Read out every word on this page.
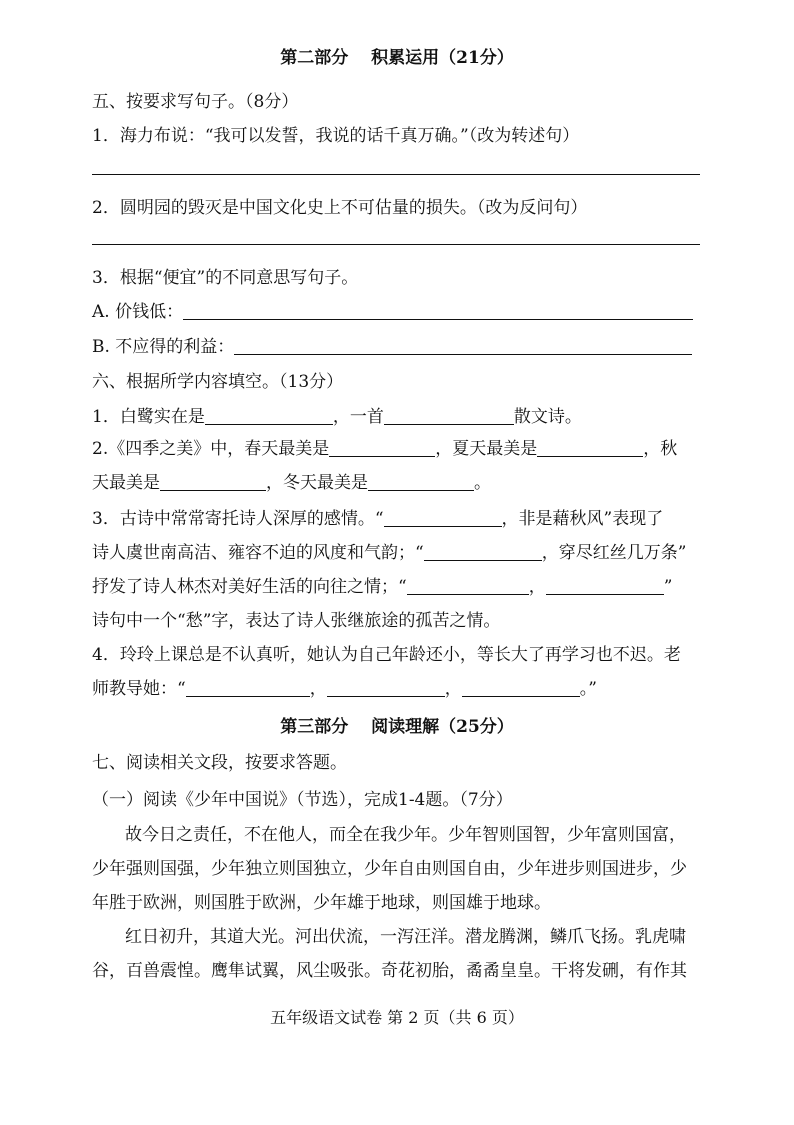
第二部分　 积累运用（21分）
五、按要求写句子。（8分）
1．海力布说：“我可以发誓，我说的话千真万确。”（改为转述句）
2．圆明园的毁灭是中国文化史上不可估量的损失。（改为反问句）
3．根据“便宜”的不同意思写句子。
A. 价钱低：
B. 不应得的利益：
六、根据所学内容填空。（13分）
1．白鹭实在是	，一首	散文诗。
2.《四季之美》中，春天最美是	，夏天最美是	，秋
天最美是	，冬天最美是	。
3．古诗中常常寄托诗人深厚的感情。“	，非是藉秋风”表现了
诗人虞世南高洁、雍容不迫的风度和气韵；“	，穿尽红丝几万条”
抒发了诗人林杰对美好生活的向往之情；“	，	”
诗句中一个“愁”字，表达了诗人张继旅途的孤苦之情。
4．玲玲上课总是不认真听，她认为自己年龄还小，等长大了再学习也不迟。老
师教导她：“	，	，	。”
第三部分　 阅读理解（25分）
七、阅读相关文段，按要求答题。
（一）阅读《少年中国说》（节选），完成1-4题。（7分）
故今日之责任，不在他人，而全在我少年。少年智则国智，少年富则国富，
少年强则国强，少年独立则国独立，少年自由则国自由，少年进步则国进步，少
年胜于欧洲，则国胜于欧洲，少年雄于地球，则国雄于地球。
红日初升，其道大光。河出伏流，一泻汪洋。潜龙腾渊，鳞爪飞扬。乳虎啸
谷，百兽震惶。鹰隼试翼，风尘吸张。奇花初胎，矞矞皇皇。干将发硎，有作其
五年级语文试卷 第 2 页（共 6 页）
